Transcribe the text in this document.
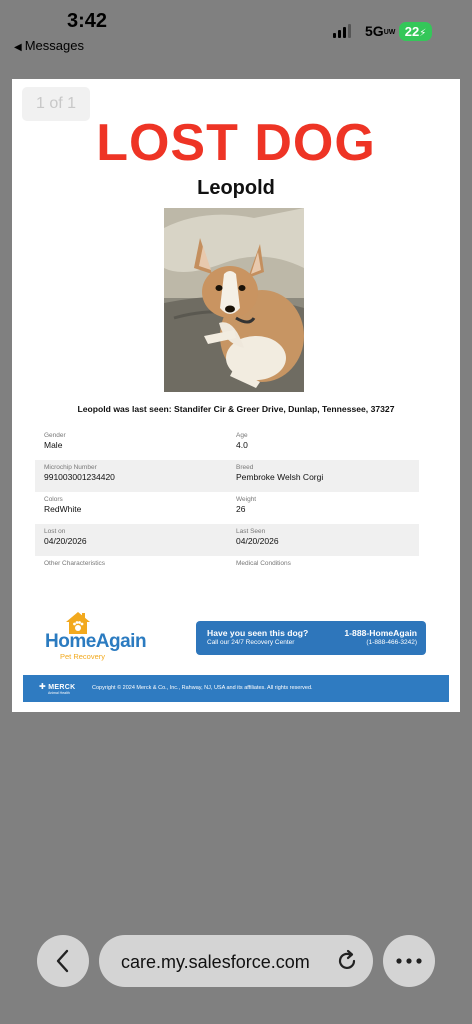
3:42
◀ Messages
5GUW 22⚡
1 of 1
LOST DOG
Leopold
Leopold was last seen: Standifer Cir & Greer Drive, Dunlap, Tennessee, 37327
Gender
Male
Age
4.0
Microchip Number
991003001234420
Breed
Pembroke Welsh Corgi
Colors
RedWhite
Weight
26
Lost on
04/20/2026
Last Seen
04/20/2026
Other Characteristics	Medical Conditions
HomeAgain
Pet Recovery
Have you seen this dog?
Call our 24/7 Recovery Center
1-888-HomeAgain
(1-888-466-3242)
✚ MERCK
Animal Health
Copyright © 2024 Merck & Co., Inc., Rahway, NJ, USA and its affiliates. All rights reserved.
care.my.salesforce.com
